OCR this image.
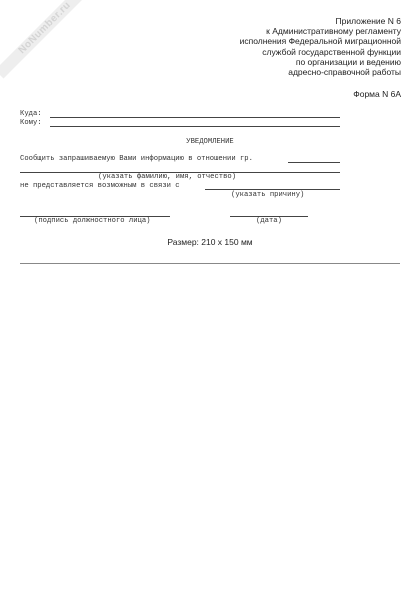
NoNumber.ru	Приложение N 6
к Административному регламенту
исполнения Федеральной миграционной
службой государственной функции
по организации и ведению
адресно-справочной работы
Форма N 6А
Куда:
Кому:
УВЕДОМЛЕНИЕ
Сообщить запрашиваемую Вами информацию в отношении гр.
(указать фамилию, имя, отчество)
не представляется возможным в связи с
(указать причину)
(подпись должностного лица)	(дата)
Размер: 210 x 150 мм
